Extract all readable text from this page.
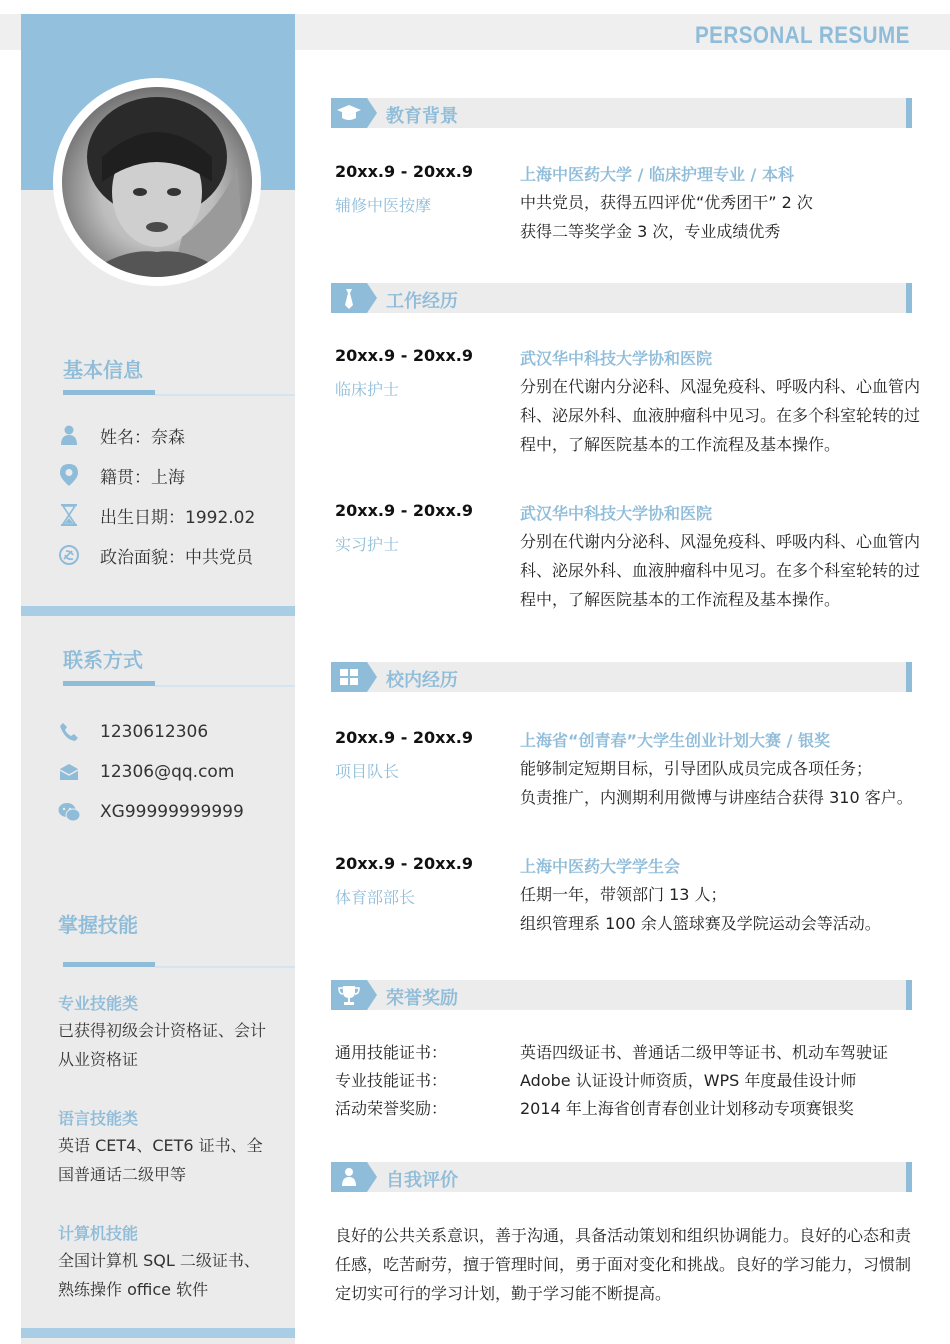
PERSONAL RESUME
基本信息
姓名：奈森
籍贯：上海
出生日期：1992.02
政治面貌：中共党员
联系方式
1230612306
12306@qq.com
XG99999999999
掌握技能
专业技能类
已获得初级会计资格证、会计从业资格证
语言技能类
英语 CET4、CET6 证书、全国普通话二级甲等
计算机技能
全国计算机 SQL 二级证书、熟练操作 office 软件
教育背景
20xx.9 - 20xx.9
辅修中医按摩
上海中医药大学 / 临床护理专业 / 本科
中共党员，获得五四评优“优秀团干” 2 次
获得二等奖学金 3 次，专业成绩优秀
工作经历
20xx.9 - 20xx.9
临床护士
武汉华中科技大学协和医院
分别在代谢内分泌科、风湿免疫科、呼吸内科、心血管内科、泌尿外科、血液肿瘤科中见习。在多个科室轮转的过程中，了解医院基本的工作流程及基本操作。
20xx.9 - 20xx.9
实习护士
武汉华中科技大学协和医院
分别在代谢内分泌科、风湿免疫科、呼吸内科、心血管内科、泌尿外科、血液肿瘤科中见习。在多个科室轮转的过程中，了解医院基本的工作流程及基本操作。
校内经历
20xx.9 - 20xx.9
项目队长
上海省“创青春”大学生创业计划大赛 / 银奖
能够制定短期目标，引导团队成员完成各项任务；
负责推广，内测期利用微博与讲座结合获得 310 客户。
20xx.9 - 20xx.9
体育部部长
上海中医药大学学生会
任期一年，带领部门 13 人；
组织管理系 100 余人篮球赛及学院运动会等活动。
荣誉奖励
通用技能证书：	英语四级证书、普通话二级甲等证书、机动车驾驶证
专业技能证书：	Adobe 认证设计师资质，WPS 年度最佳设计师
活动荣誉奖励：	2014 年上海省创青春创业计划移动专项赛银奖
自我评价
良好的公共关系意识，善于沟通，具备活动策划和组织协调能力。良好的心态和责任感，吃苦耐劳，擅于管理时间，勇于面对变化和挑战。良好的学习能力，习惯制定切实可行的学习计划，勤于学习能不断提高。
